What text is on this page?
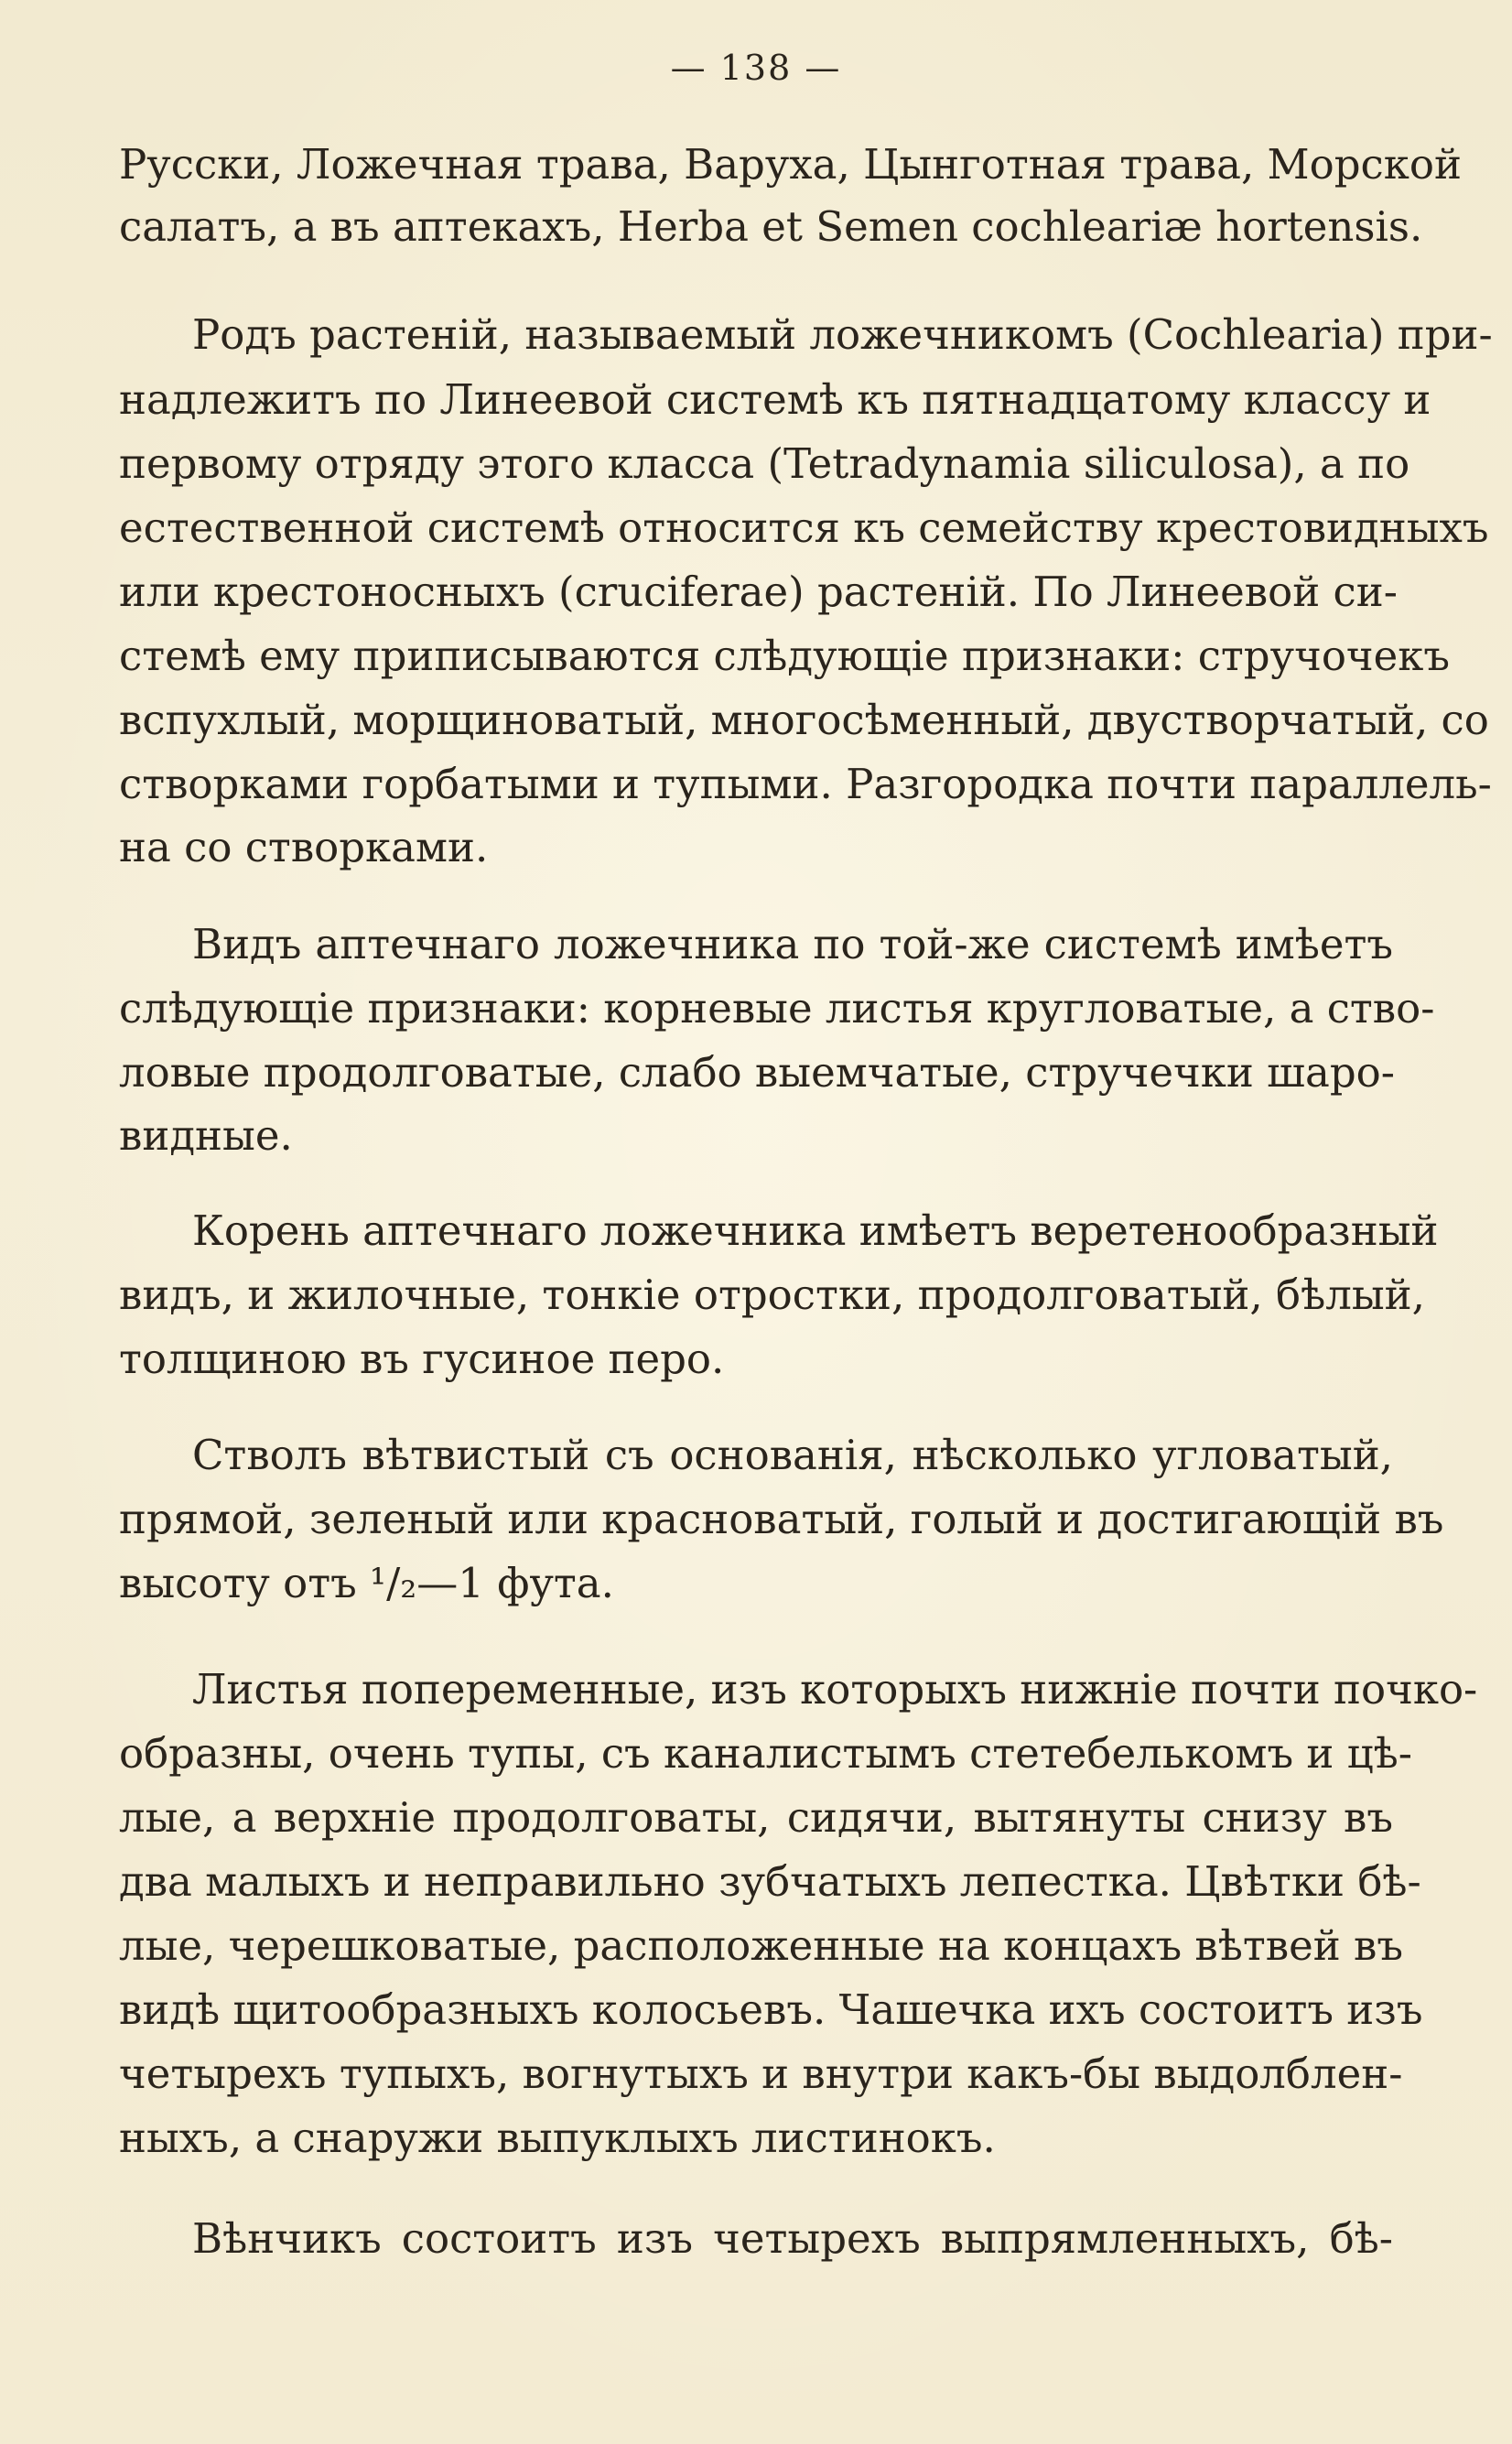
— 138 —
Русски, Ложечная трава, Варуха, Цынготная трава, Морской
салатъ, а въ аптекахъ, Herba et Semen cochleariæ hortensis.
Родъ растеній, называемый ложечникомъ (Cochlearia) при-
надлежитъ по Линеевой системѣ къ пятнадцатому классу и
первому отряду этого класса (Tetradynamia siliculosa), а по
естественной системѣ относится къ семейству крестовидныхъ
или крестоносныхъ (cruciferae) растеній. По Линеевой си-
стемѣ ему приписываются слѣдующіе признаки: стручочекъ
вспухлый, морщиноватый, многосѣменный, двустворчатый, со
створками горбатыми и тупыми. Разгородка почти параллель-
на со створками.
Видъ аптечнаго ложечника по той-же системѣ имѣетъ
слѣдующіе признаки: корневые листья кругловатые, а ство-
ловые продолговатые, слабо выемчатые, стручечки шаро-
видные.
Корень аптечнаго ложечника имѣетъ веретенообразный
видъ, и жилочные, тонкіе отростки, продолговатый, бѣлый,
толщиною въ гусиное перо.
Стволъ вѣтвистый съ основанія, нѣсколько угловатый,
прямой, зеленый или красноватый, голый и достигающій въ
высоту отъ ¹/₂—1 фута.
Листья попеременные, изъ которыхъ нижніе почти почко-
образны, очень тупы, съ каналистымъ стетебелькомъ и цѣ-
лые, а верхніе продолговаты, сидячи, вытянуты снизу въ
два малыхъ и неправильно зубчатыхъ лепестка. Цвѣтки бѣ-
лые, черешковатые, расположенные на концахъ вѣтвей въ
видѣ щитообразныхъ колосьевъ. Чашечка ихъ состоитъ изъ
четырехъ тупыхъ, вогнутыхъ и внутри какъ-бы выдолблен-
ныхъ, а снаружи выпуклыхъ листинокъ.
Вѣнчикъ состоитъ изъ четырехъ выпрямленныхъ, бѣ-
